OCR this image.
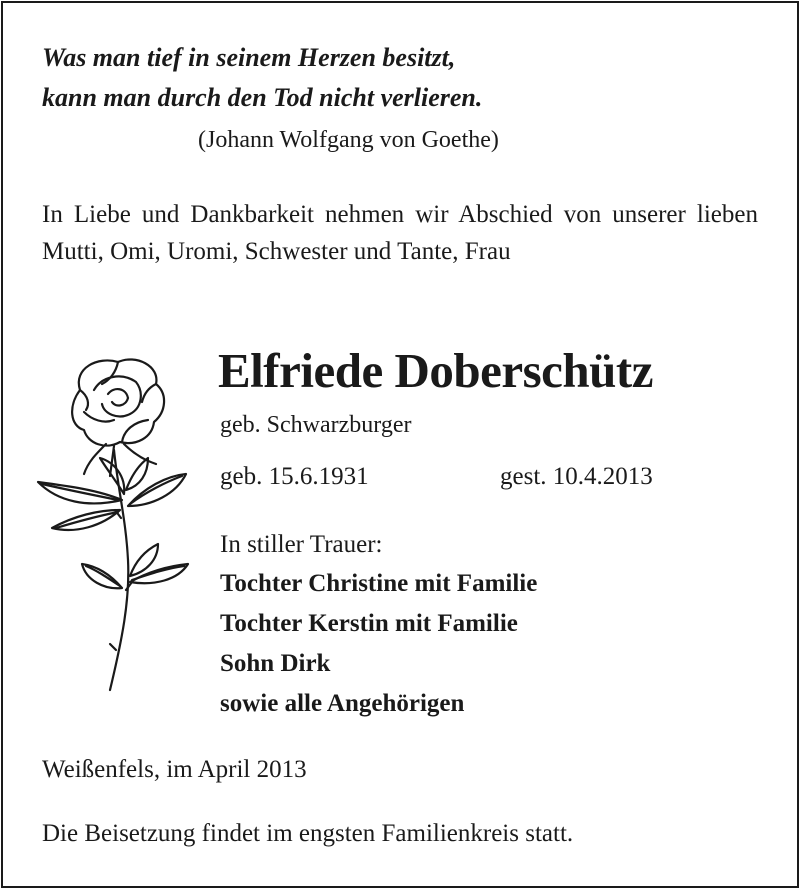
Was man tief in seinem Herzen besitzt,
kann man durch den Tod nicht verlieren.
(Johann Wolfgang von Goethe)
In Liebe und Dankbarkeit nehmen wir Abschied von unserer lieben Mutti, Omi, Uromi, Schwester und Tante, Frau
Elfriede Doberschütz
geb. Schwarzburger
geb. 15.6.1931	gest. 10.4.2013
In stiller Trauer:
Tochter Christine mit Familie
Tochter Kerstin mit Familie
Sohn Dirk
sowie alle Angehörigen
Weißenfels, im April 2013
Die Beisetzung findet im engsten Familienkreis statt.
